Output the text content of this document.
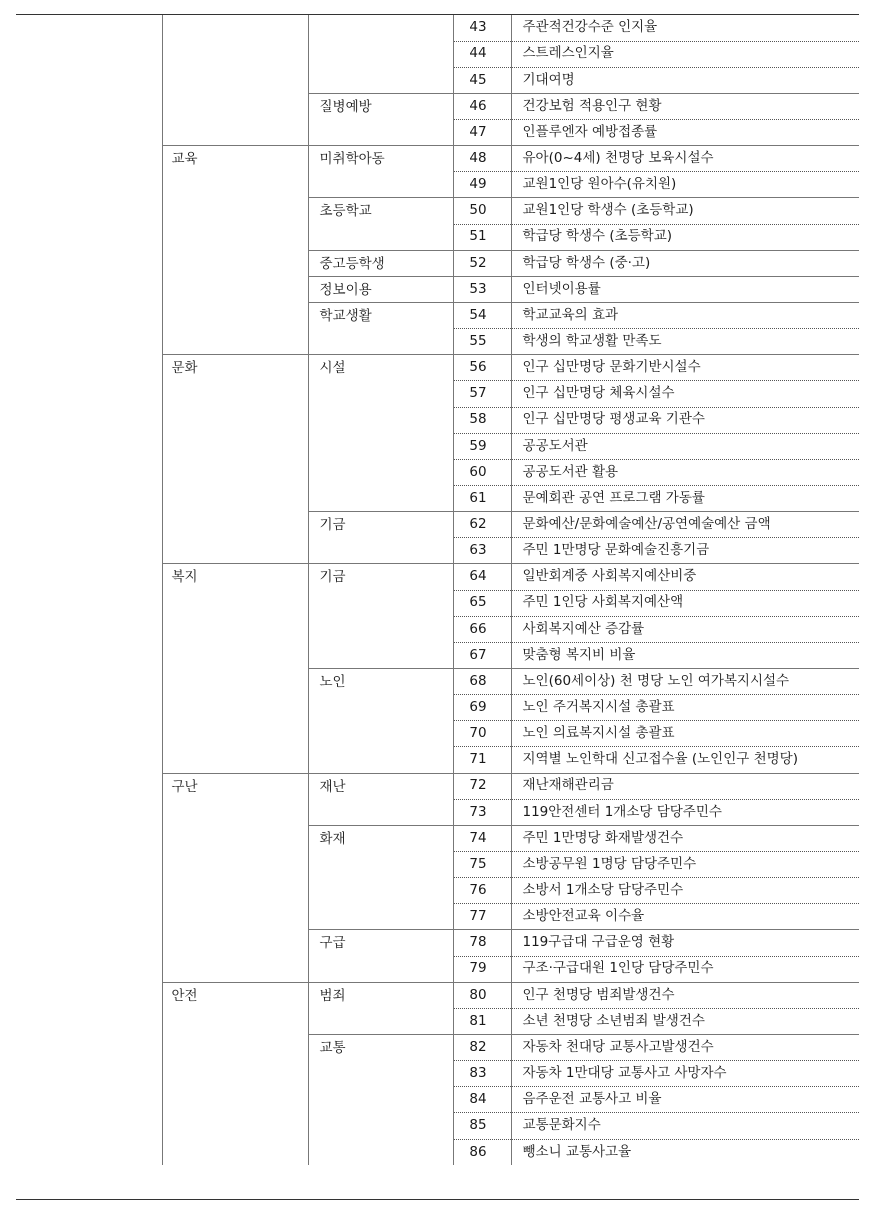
			43	주관적건강수준 인지율
			44	스트레스인지율
			45	기대여명
		질병예방	46	건강보험 적용인구 현황
			47	인플루엔자 예방접종률
	교육	미취학아동	48	유아(0~4세) 천명당 보육시설수
			49	교원1인당 원아수(유치원)
		초등학교	50	교원1인당 학생수 (초등학교)
			51	학급당 학생수 (초등학교)
		중고등학생	52	학급당 학생수 (중·고)
		정보이용	53	인터넷이용률
		학교생활	54	학교교육의 효과
			55	학생의 학교생활 만족도
	문화	시설	56	인구 십만명당 문화기반시설수
			57	인구 십만명당 체육시설수
			58	인구 십만명당 평생교육 기관수
			59	공공도서관
			60	공공도서관 활용
			61	문예회관 공연 프로그램 가동률
		기금	62	문화예산/문화예술예산/공연예술예산 금액
			63	주민 1만명당 문화예술진흥기금
	복지	기금	64	일반회계중 사회복지예산비중
			65	주민 1인당 사회복지예산액
			66	사회복지예산 증감률
			67	맞춤형 복지비 비율
		노인	68	노인(60세이상) 천 명당 노인 여가복지시설수
			69	노인 주거복지시설 총괄표
			70	노인 의료복지시설 총괄표
			71	지역별 노인학대 신고접수율 (노인인구 천명당)
	구난	재난	72	재난재해관리금
			73	119안전센터 1개소당 담당주민수
		화재	74	주민 1만명당 화재발생건수
			75	소방공무원 1명당 담당주민수
			76	소방서 1개소당 담당주민수
			77	소방안전교육 이수율
		구급	78	119구급대 구급운영 현황
			79	구조·구급대원 1인당 담당주민수
	안전	범죄	80	인구 천명당 범죄발생건수
			81	소년 천명당 소년범죄 발생건수
		교통	82	자동차 천대당 교통사고발생건수
			83	자동차 1만대당 교통사고 사망자수
			84	음주운전 교통사고 비율
			85	교통문화지수
			86	뺑소니 교통사고율
